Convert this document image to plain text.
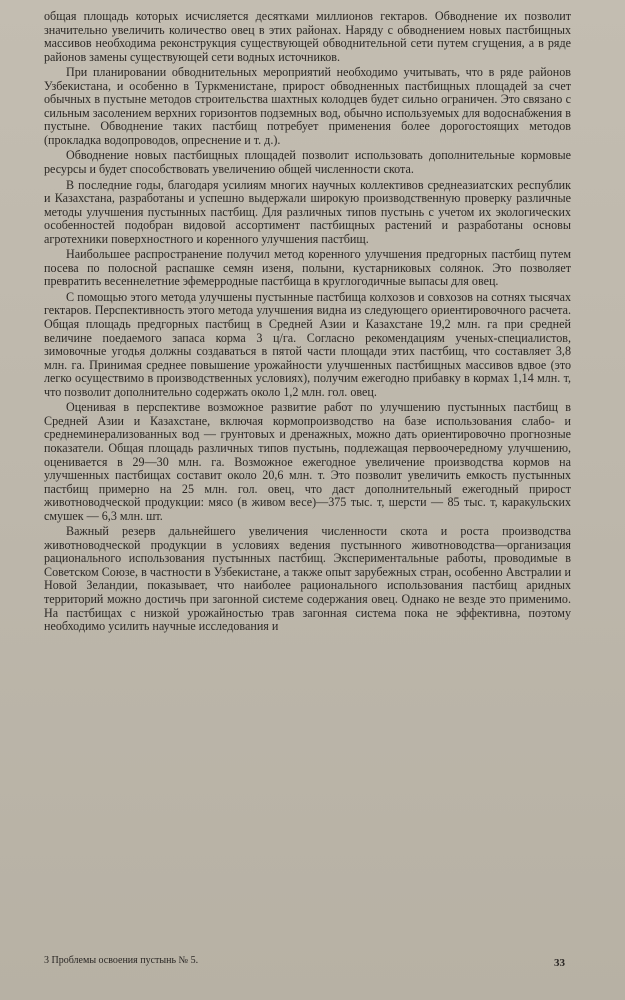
общая площадь которых исчисляется десятками миллионов гектаров. Обводнение их позволит значительно увеличить количество овец в этих районах. Наряду с обводнением новых пастбищных массивов необходима реконструкция существующей обводнительной сети путем сгущения, а в ряде районов замены существующей сети водных источников.

При планировании обводнительных мероприятий необходимо учитывать, что в ряде районов Узбекистана, и особенно в Туркменистане, прирост обводненных пастбищных площадей за счет обычных в пустыне методов строительства шахтных колодцев будет сильно ограничен. Это связано с сильным засолением верхних горизонтов подземных вод, обычно используемых для водоснабжения в пустыне. Обводнение таких пастбищ потребует применения более дорогостоящих методов (прокладка водопроводов, опреснение и т. д.).

Обводнение новых пастбищных площадей позволит использовать дополнительные кормовые ресурсы и будет способствовать увеличению общей численности скота.

В последние годы, благодаря усилиям многих научных коллективов среднеазиатских республик и Казахстана, разработаны и успешно выдержали широкую производственную проверку различные методы улучшения пустынных пастбищ. Для различных типов пустынь с учетом их экологических особенностей подобран видовой ассортимент пастбищных растений и разработаны основы агротехники поверхностного и коренного улучшения пастбищ.

Наибольшее распространение получил метод коренного улучшения предгорных пастбищ путем посева по полосной распашке семян изеня, полыни, кустарниковых солянок. Это позволяет превратить весеннелетние эфемерродные пастбища в круглогодичные выпасы для овец.

С помощью этого метода улучшены пустынные пастбища колхозов и совхозов на сотнях тысячах гектаров. Перспективность этого метода улучшения видна из следующего ориентировочного расчета. Общая площадь предгорных пастбищ в Средней Азии и Казахстане 19,2 млн. га при средней величине поедаемого запаса корма 3 ц/га. Согласно рекомендациям ученых-специалистов, зимовочные угодья должны создаваться в пятой части площади этих пастбищ, что составляет 3,8 млн. га. Принимая среднее повышение урожайности улучшенных пастбищных массивов вдвое (это легко осуществимо в производственных условиях), получим ежегодно прибавку в кормах 1,14 млн. т, что позволит дополнительно содержать около 1,2 млн. гол. овец.

Оценивая в перспективе возможное развитие работ по улучшению пустынных пастбищ в Средней Азии и Казахстане, включая кормопроизводство на базе использования слабо- и среднеминерализованных вод — грунтовых и дренажных, можно дать ориентировочно прогнозные показатели. Общая площадь различных типов пустынь, подлежащая первоочередному улучшению, оценивается в 29—30 млн. га. Возможное ежегодное увеличение производства кормов на улучшенных пастбищах составит около 20,6 млн. т. Это позволит увеличить емкость пустынных пастбищ примерно на 25 млн. гол. овец, что даст дополнительный ежегодный прирост животноводческой продукции: мясо (в живом весе)—375 тыс. т, шерсти — 85 тыс. т, каракульских смушек — 6,3 млн. шт.

Важный резерв дальнейшего увеличения численности скота и роста производства животноводческой продукции в условиях ведения пустынного животноводства—организация рационального использования пустынных пастбищ. Экспериментальные работы, проводимые в Советском Союзе, в частности в Узбекистане, а также опыт зарубежных стран, особенно Австралии и Новой Зеландии, показывает, что наиболее рационального использования пастбищ аридных территорий можно достичь при загонной системе содержания овец. Однако не везде это применимо. На пастбищах с низкой урожайностью трав загонная система пока не эффективна, поэтому необходимо усилить научные исследования и

3 Проблемы освоения пустынь № 5.	33
